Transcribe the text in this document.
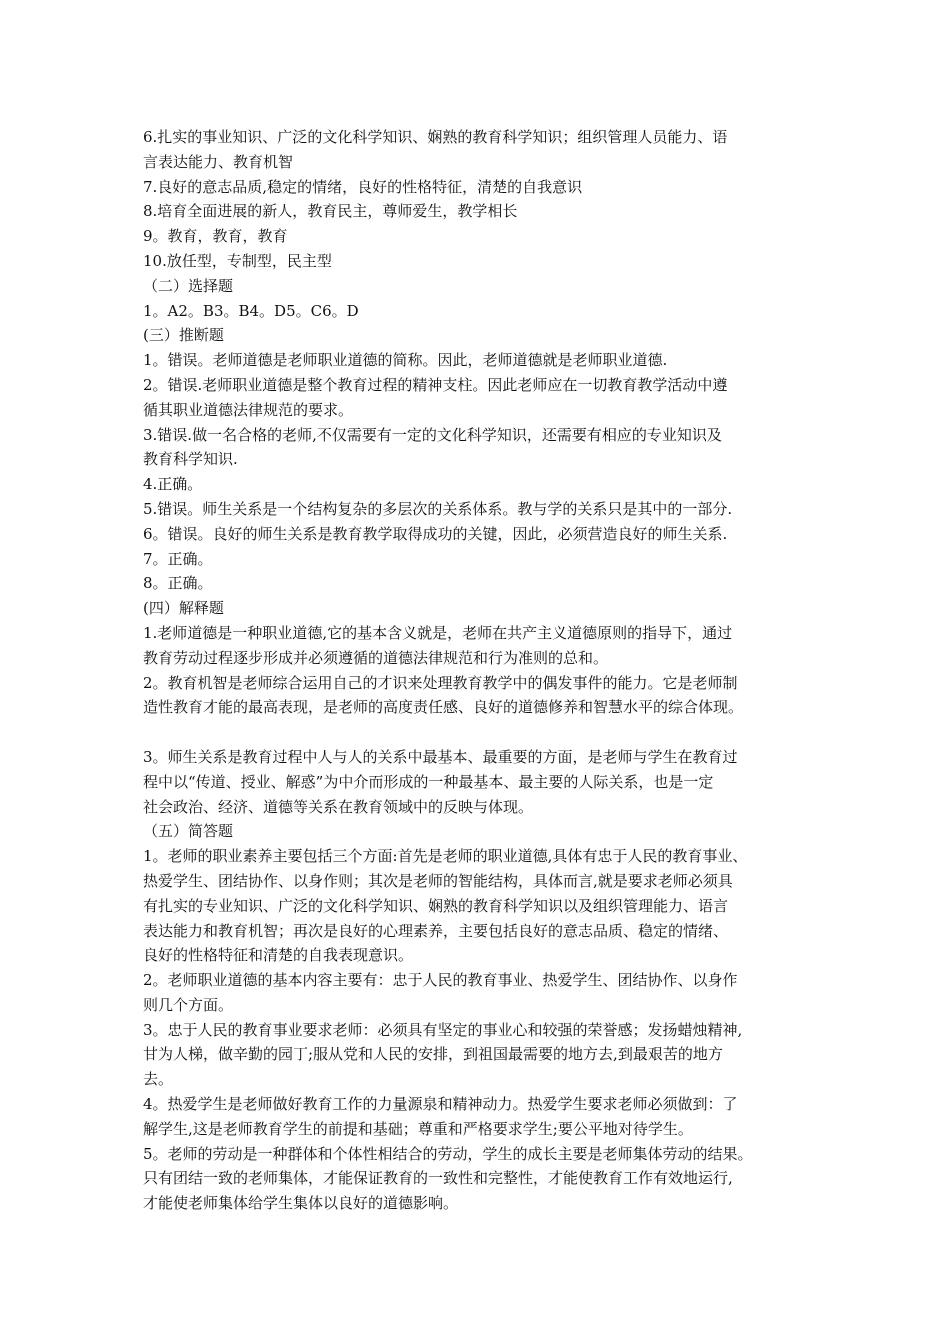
6.扎实的事业知识、广泛的文化科学知识、娴熟的教育科学知识；组织管理人员能力、语
言表达能力、教育机智
7.良好的意志品质,稳定的情绪，良好的性格特征，清楚的自我意识
8.培育全面进展的新人，教育民主，尊师爱生，教学相长
9。教育，教育，教育
10.放任型，专制型，民主型
（二）选择题
1。A2。B3。B4。D5。C6。D
(三）推断题
1。错误。老师道德是老师职业道德的简称。因此，老师道德就是老师职业道德.
2。错误.老师职业道德是整个教育过程的精神支柱。因此老师应在一切教育教学活动中遵
循其职业道德法律规范的要求。
3.错误.做一名合格的老师,不仅需要有一定的文化科学知识，还需要有相应的专业知识及
教育科学知识.
4.正确。
5.错误。师生关系是一个结构复杂的多层次的关系体系。教与学的关系只是其中的一部分.
6。错误。良好的师生关系是教育教学取得成功的关键，因此，必须营造良好的师生关系.
7。正确。
8。正确。
(四）解释题
1.老师道德是一种职业道德,它的基本含义就是，老师在共产主义道德原则的指导下，通过
教育劳动过程逐步形成并必须遵循的道德法律规范和行为准则的总和。
2。教育机智是老师综合运用自己的才识来处理教育教学中的偶发事件的能力。它是老师制
造性教育才能的最高表现，是老师的高度责任感、良好的道德修养和智慧水平的综合体现。
3。师生关系是教育过程中人与人的关系中最基本、最重要的方面，是老师与学生在教育过
程中以“传道、授业、解惑”为中介而形成的一种最基本、最主要的人际关系，也是一定
社会政治、经济、道德等关系在教育领域中的反映与体现。
（五）简答题
1。老师的职业素养主要包括三个方面:首先是老师的职业道德,具体有忠于人民的教育事业、
热爱学生、团结协作、以身作则；其次是老师的智能结构，具体而言,就是要求老师必须具
有扎实的专业知识、广泛的文化科学知识、娴熟的教育科学知识以及组织管理能力、语言
表达能力和教育机智；再次是良好的心理素养，主要包括良好的意志品质、稳定的情绪、
良好的性格特征和清楚的自我表现意识。
2。老师职业道德的基本内容主要有：忠于人民的教育事业、热爱学生、团结协作、以身作
则几个方面。
3。忠于人民的教育事业要求老师：必须具有坚定的事业心和较强的荣誉感；发扬蜡烛精神,
甘为人梯，做辛勤的园丁;服从党和人民的安排，到祖国最需要的地方去,到最艰苦的地方
去。
4。热爱学生是老师做好教育工作的力量源泉和精神动力。热爱学生要求老师必须做到：了
解学生,这是老师教育学生的前提和基础；尊重和严格要求学生;要公平地对待学生。
5。老师的劳动是一种群体和个体性相结合的劳动，学生的成长主要是老师集体劳动的结果。
只有团结一致的老师集体，才能保证教育的一致性和完整性，才能使教育工作有效地运行,
才能使老师集体给学生集体以良好的道德影响。
